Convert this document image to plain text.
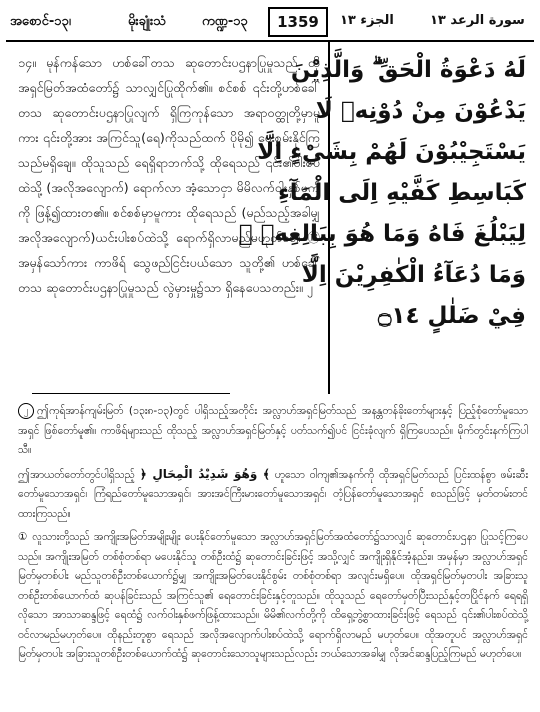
အစောင်-၁၃၊	မိုးချုံးသံ	ကဏ္ဍ-၁၃	1359	الجزء ١٣	سورة الرعد ١٣

၁၄။ မုန်ကန်သော ဟစ်ခေါ်တသ ဆုတောင်းပဌနာပြုမှုသည် ထိုအရှင်မြတ်အထံတော်၌ သာလျှင်ပြုထိုက်၏။ စင်စစ် ၎င်းတို့ဟစ်ခေါ်တသ ဆုတောင်းပဌနာပြုလျက် ရှိကြကုန်သော အရာဝတ္ထုတို့မှာမူ ကား ၎င်းတို့အား အကြင်သူ(ရေ)ကိုသည်ထက် ပိုမို၍ ပေးစွမ်းနိုင်ကြသည်မရှိချေ။ ထိုသူသည် ရေရှိရာဘက်သို့ ထိုရေသည် ၎င်း၏ပါးစပ်ထဲသို့ (အလိုအလျောက်) ရောက်လာ အံ့သောငှာ မိမိလက်ဝါးနှစ်ဖက်ကို ဖြန့်၍ထားတ၏။ စင်စစ်မှာမူကား ထိုရေသည် (မည်သည့်အခါမျှအလိုအလျောက်)ယင်းပါးစပ်ထဲသို့ ရောက်ရှိလာမည်မဟုတ်ပေ။ ⑬ အမှန်သော်ကား ကာဖိရ် သွေဖည်ငြင်းပယ်သော သူတို့၏ ဟစ်ခေါ်တသ ဆုတောင်းပဌနာပြုမှုသည် လွဲမှားမှု၌သာ ရှိနေပေသတည်း။ ၂

لَهُ دَعْوَةُ الْحَقِّ ۗ وَالَّذِيْنَ
يَدْعُوْنَ مِنْ دُوْنِهٖ لَا
يَسْتَجِيْبُوْنَ لَهُمْ بِشَيْءٍ اِلَّا
كَبَاسِطِ كَفَّيْهِ اِلَى الْمَآءِ
لِيَبْلُغَ فَاهُ وَمَا هُوَ بِبَالِغِهٖ ۗ
وَمَا دُعَآءُ الْكٰفِرِيْنَ اِلَّا
فِيْ ضَلٰلٍ ۝١٤

၂ ဤကုရ်အာန်ကျမ်းမြတ် (၁၃း၈-၁၃)တွင် ပါရှိသည့်အတိုင်း အလ္လာဟ်အရှင်မြတ်သည် အနန္တတန်ခိုးတော်များနှင့် ပြည့်စုံတော်မူသောအရှင် ဖြစ်တော်မူ၏။ ကာဖိရ်များသည် ထိုသည့် အလ္လာဟ်အရှင်မြတ်နှင့် ပတ်သက်၍ပင် ငြင်းခုံလျက် ရှိကြပေသည်။ မိုက်တွင်းနက်ကြပါသီ။

ဤအာယတ်တော်တွင်ပါရှိသည့် ﴿ وَهُوَ شَدِيْدُ الْمِحَالِ ﴾ ဟူသော ဝါကျ၏အနက်ကို ထိုအရှင်မြတ်သည် ပြင်းထန်စွာ ဖမ်းဆီးတော်မူသောအရှင်၊ ကြံရည်တော်မူသောအရှင်၊ အားအင်ကြီးမားတော်မူသောအရှင်၊ တံ့ပြန်တော်မူသောအရှင် စသည်ဖြင့် မှတ်တမ်းတင်ထားကြသည်။

① လူသားတို့သည် အကျိုးအမြတ်အမျိုးမျိုး ပေးနိုင်တော်မူသော အလ္လာဟ်အရှင်မြတ်အထံတော်၌သာလျှင် ဆုတောင်းပဌနာ ပြုသင့်ကြပေသည်။ အကျိုးအမြတ် တစ်စုံတစ်ရာ မပေးနိုင်သူ တစ်ဦးထံ၌ ဆုတောင်းခြင်းဖြင့် အသို့လျှင် အကျိုးရှိနိုင်အံ့နည်း။ အမှန်မှာ အလ္လာဟ်အရှင်မြတ်မှတစ်ပါး မည်သူတစ်ဦးတစ်ယောက်၌မျှ အကျိုးအမြတ်ပေးနိုင်စွမ်း တစ်စုံတစ်ရာ အလျင်းမရှိပေ။ ထိုအရှင်မြတ်မှတပါး အခြားသူ တစ်ဦးတစ်ယောက်ထံ ဆုပန်ခြင်းသည် အကြင်သူ၏ ရေတောင်းခြင်းနှင့်တူသည်။ ထိုသူသည် ရေတော်မှတ်ပြီးသည်နှင့်တပြိုင်နက် ရေရရှိလိုသော အာသာဆန္ဒဖြင့် ရေထံ၌ လက်ဝါးနှစ်ဖက်ဖြန့်ထားသည်။ မိမိ၏လက်တို့ကို ထိရှေ့ဘွဲ့စွာထားခြင်းဖြင့် ရေသည် ၎င်း၏ပါးစပ်ထဲသို့ ဝင်လာမည်မဟုတ်ပေ။ ထိုနည်းတူစွာ ရေသည် အလိုအလျောက်ပါးစပ်ထဲသို့ ရောက်ရှိလာမည် မဟုတ်ပေ။ ထိုအတူပင် အလ္လာဟ်အရှင်မြတ်မှတပါး အခြားသူတစ်ဦးတစ်ယောက်ထံ၌ ဆုတောင်းသောသူများသည်လည်း ဘယ်သောအခါမျှ လိုအင်ဆန္ဒပြည့်ကြမည် မဟုတ်ပေ။
